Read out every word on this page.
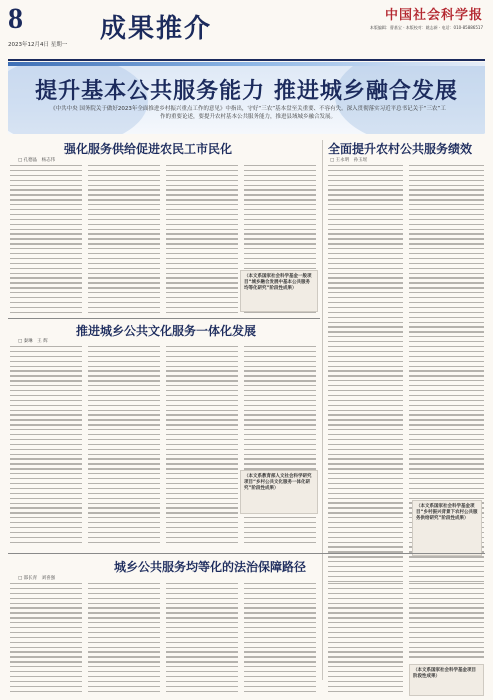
8
2023年12月4日 星期一
成果推介	中国社会科学报
本版编辑：曹基宝 · 本版校对：姚志新 · 电话：010-85886517
提升基本公共服务能力 推进城乡融合发展
《中共中央 国务院关于做好2023年全面推进乡村振兴重点工作的意见》中指出，守好“三农”基本盘至关重要、不容有失。深入贯彻落实习近平总书记关于“三农”工作的重要论述，要提升农村基本公共服务能力，推进县域城乡融合发展。
强化服务供给促进农民工市民化
□ 孔德晶　杨志伟
全面提升农村公共服务绩效
□ 王永明　孙玉瑶
（本文系国家社会科学基金一般项目“城乡融合发展中基本公共服务均等化研究”阶段性成果）
推进城乡公共文化服务一体化发展
□ 秦琳　王 辉
（本文系教育部人文社会科学研究项目“乡村公共文化服务一体化研究”阶段性成果）
（本文系国家社会科学基金项目“乡村振兴背景下农村公共服务供给研究”阶段性成果）
城乡公共服务均等化的法治保障路径
□ 邵长青　刘喜强
（本文系国家社会科学基金项目阶段性成果）
